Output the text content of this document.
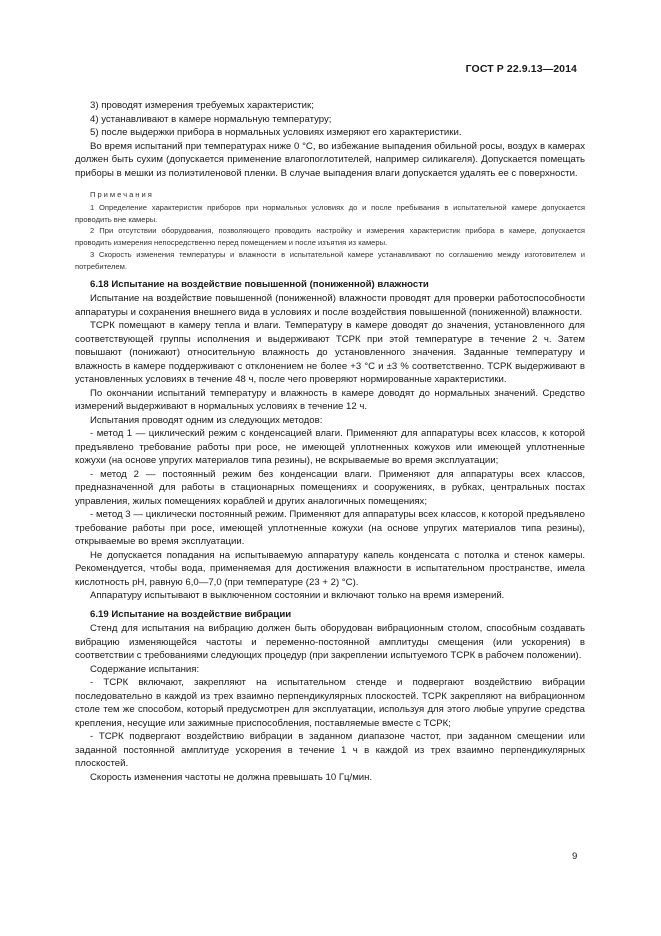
ГОСТ Р 22.9.13—2014

3) проводят измерения требуемых характеристик;

4) устанавливают в камере нормальную температуру;

5) после выдержки прибора в нормальных условиях измеряют его характеристики.

Во время испытаний при температурах ниже 0 °С, во избежание выпадения обильной росы, воздух в камерах должен быть сухим (допускается применение влагопоглотителей, например силикагеля). Допускается помещать приборы в мешки из полиэтиленовой пленки. В случае выпадения влаги допускается удалять ее с поверхности.

Примечания

1 Определение характеристик приборов при нормальных условиях до и после пребывания в испытательной камере допускается проводить вне камеры.

2 При отсутствии оборудования, позволяющего проводить настройку и измерения характеристик прибора в камере, допускается проводить измерения непосредственно перед помещением и после изъятия из камеры.

3 Скорость изменения температуры и влажности в испытательной камере устанавливают по соглашению между изготовителем и потребителем.

6.18 Испытание на воздействие повышенной (пониженной) влажности

Испытание на воздействие повышенной (пониженной) влажности проводят для проверки работоспособности аппаратуры и сохранения внешнего вида в условиях и после воздействия повышенной (пониженной) влажности.

ТСРК помещают в камеру тепла и влаги. Температуру в камере доводят до значения, установленного для соответствующей группы исполнения и выдерживают ТСРК при этой температуре в течение 2 ч. Затем повышают (понижают) относительную влажность до установленного значения. Заданные температуру и влажность в камере поддерживают с отклонением не более +3 °С и ±3 % соответственно. ТСРК выдерживают в установленных условиях в течение 48 ч, после чего проверяют нормированные характеристики.

По окончании испытаний температуру и влажность в камере доводят до нормальных значений. Средство измерений выдерживают в нормальных условиях в течение 12 ч.

Испытания проводят одним из следующих методов:

- метод 1 — циклический режим с конденсацией влаги. Применяют для аппаратуры всех классов, к которой предъявлено требование работы при росе, не имеющей уплотненных кожухов или имеющей уплотненные кожухи (на основе упругих материалов типа резины), не вскрываемые во время эксплуатации;

- метод 2 — постоянный режим без конденсации влаги. Применяют для аппаратуры всех классов, предназначенной для работы в стационарных помещениях и сооружениях, в рубках, центральных постах управления, жилых помещениях кораблей и других аналогичных помещениях;

- метод 3 — циклически постоянный режим. Применяют для аппаратуры всех классов, к которой предъявлено требование работы при росе, имеющей уплотненные кожухи (на основе упругих материалов типа резины), открываемые во время эксплуатации.

Не допускается попадания на испытываемую аппаратуру капель конденсата с потолка и стенок камеры. Рекомендуется, чтобы вода, применяемая для достижения влажности в испытательном пространстве, имела кислотность pH, равную 6,0—7,0 (при температуре (23 + 2) °С).

Аппаратуру испытывают в выключенном состоянии и включают только на время измерений.

6.19 Испытание на воздействие вибрации

Стенд для испытания на вибрацию должен быть оборудован вибрационным столом, способным создавать вибрацию изменяющейся частоты и переменно-постоянной амплитуды смещения (или ускорения) в соответствии с требованиями следующих процедур (при закреплении испытуемого ТСРК в рабочем положении).

Содержание испытания:

- ТСРК включают, закрепляют на испытательном стенде и подвергают воздействию вибрации последовательно в каждой из трех взаимно перпендикулярных плоскостей. ТСРК закрепляют на вибрационном столе тем же способом, который предусмотрен для эксплуатации, используя для этого любые упругие средства крепления, несущие или зажимные приспособления, поставляемые вместе с ТСРК;

- ТСРК подвергают воздействию вибрации в заданном диапазоне частот, при заданном смещении или заданной постоянной амплитуде ускорения в течение 1 ч в каждой из трех взаимно перпендикулярных плоскостей.

Скорость изменения частоты не должна превышать 10 Гц/мин.

9
